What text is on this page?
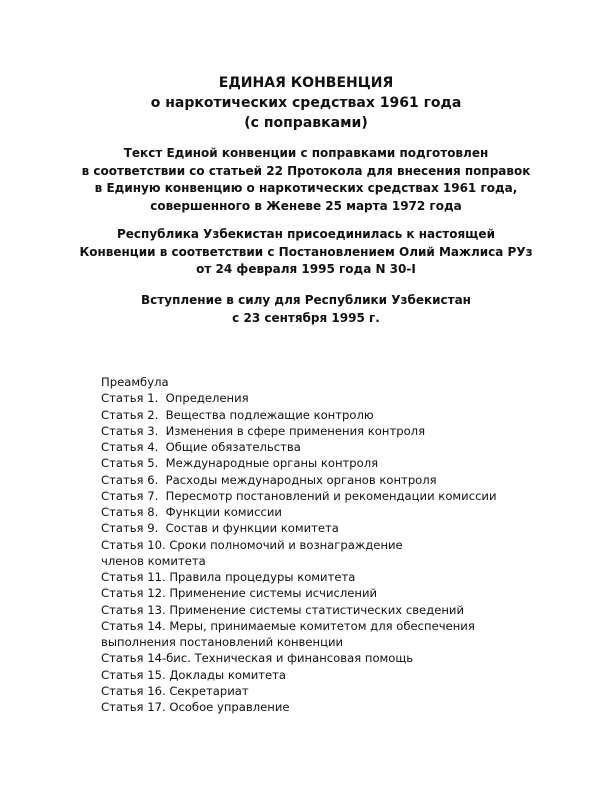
ЕДИНАЯ КОНВЕНЦИЯ
о наркотических средствах 1961 года
(с поправками)
Текст Единой конвенции с поправками подготовлен
в соответствии со статьей 22 Протокола для внесения поправок
в Единую конвенцию о наркотических средствах 1961 года,
совершенного в Женеве 25 марта 1972 года
Республика Узбекистан присоединилась к настоящей
Конвенции в соответствии с Постановлением Олий Мажлиса РУз
от 24 февраля 1995 года N 30-I
Вступление в силу для Республики Узбекистан
с 23 сентября 1995 г.
Преамбула
Статья 1.  Определения
Статья 2.  Вещества подлежащие контролю
Статья 3.  Изменения в сфере применения контроля
Статья 4.  Общие обязательства
Статья 5.  Международные органы контроля
Статья 6.  Расходы международных органов контроля
Статья 7.  Пересмотр постановлений и рекомендации комиссии
Статья 8.  Функции комиссии
Статья 9.  Состав и функции комитета
Статья 10. Сроки полномочий и вознаграждение
членов комитета
Статья 11. Правила процедуры комитета
Статья 12. Применение системы исчислений
Статья 13. Применение системы статистических сведений
Статья 14. Меры, принимаемые комитетом для обеспечения
выполнения постановлений конвенции
Статья 14-бис. Техническая и финансовая помощь
Статья 15. Доклады комитета
Статья 16. Секретариат
Статья 17. Особое управление
